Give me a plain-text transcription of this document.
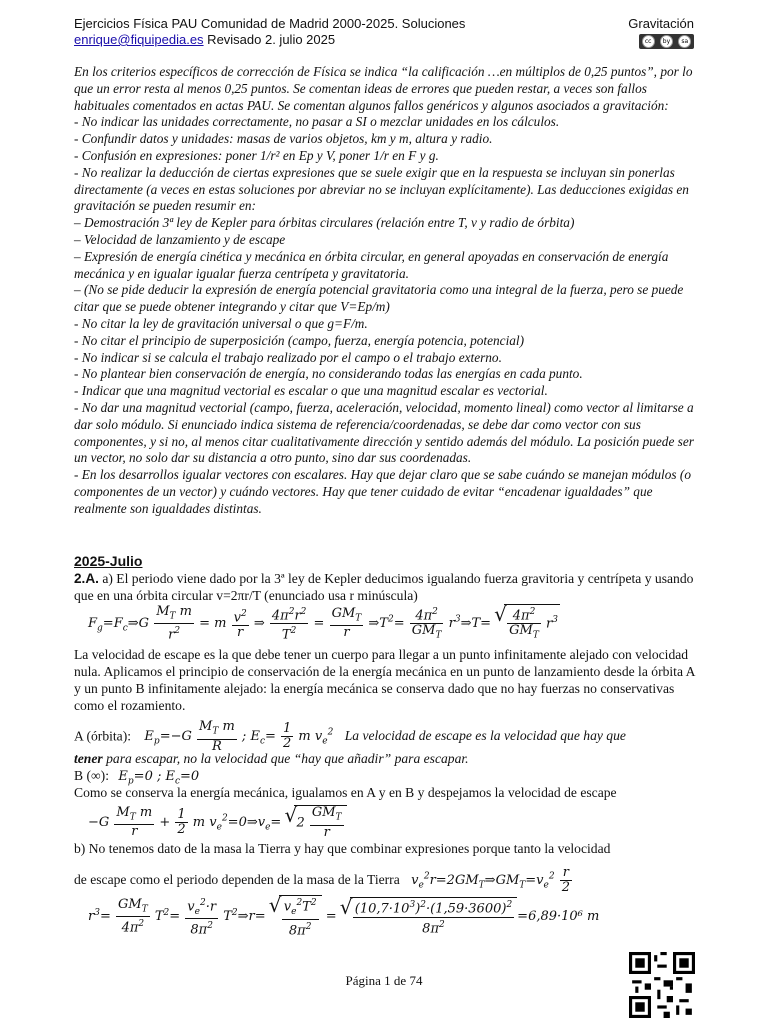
Ejercicios Física PAU Comunidad de Madrid 2000-2025. Soluciones	Gravitación
enrique@fiquipedia.es Revisado 2. julio 2025	cc	by	sa

En los criterios específicos de corrección de Física se indica “la calificación …en múltiplos de 0,25 puntos”, por lo que un error resta al menos 0,25 puntos. Se comentan ideas de errores que pueden restar, a veces son fallos habituales comentados en actas PAU. Se comentan algunos fallos genéricos y algunos asociados a gravitación:

- No indicar las unidades correctamente, no pasar a SI o mezclar unidades en los cálculos.

- Confundir datos y unidades: masas de varios objetos, km y m, altura y radio.

- Confusión en expresiones: poner 1/r² en Ep y V, poner 1/r en F y g.

- No realizar la deducción de ciertas expresiones que se suele exigir que en la respuesta se incluyan sin ponerlas directamente (a veces en estas soluciones por abreviar no se incluyan explícitamente). Las deducciones exigidas en gravitación se pueden resumir en:

– Demostración 3ª ley de Kepler para órbitas circulares (relación entre T, v y radio de órbita)

– Velocidad de lanzamiento y de escape

– Expresión de energía cinética y mecánica en órbita circular, en general apoyadas en conservación de energía mecánica y en igualar igualar fuerza centrípeta y gravitatoria.

– (No se pide deducir la expresión de energía potencial gravitatoria como una integral de la fuerza, pero se puede citar que se puede obtener integrando y citar que V=Ep/m)

- No citar la ley de gravitación universal o que g=F/m.

- No citar el principio de superposición (campo, fuerza, energía potencia, potencial)

- No indicar si se calcula el trabajo realizado por el campo o el trabajo externo.

- No plantear bien conservación de energía, no considerando todas las energías en cada punto.

- Indicar que una magnitud vectorial es escalar o que una magnitud escalar es vectorial.

- No dar una magnitud vectorial (campo, fuerza, aceleración, velocidad, momento lineal) como vector al limitarse a dar solo módulo. Si enunciado indica sistema de referencia/coordenadas, se debe dar como vector con sus componentes, y si no, al menos citar cualitativamente dirección y sentido además del módulo. La posición puede ser un vector, no solo dar su distancia a otro punto, sino dar sus coordenadas.

- En los desarrollos igualar vectores con escalares. Hay que dejar claro que se sabe cuándo se manejan módulos (o componentes de un vector) y cuándo vectores. Hay que tener cuidado de evitar “encadenar igualdades” que realmente son igualdades distintas.

2025-Julio
2.A. a) El periodo viene dado por la 3ª ley de Kepler deducimos igualando fuerza gravitoria y centrípeta y usando que en una órbita circular v=2πr/T (enunciado usa r minúscula)
$F_g=F_c\Rightarrow G \frac{M_T m}{r^2} = m \frac{v^2}{r}$ ⇒ $\frac{4\pi^2r^2}{T^2} = \frac{GM_T}{r}$ $\Rightarrow T^2= \frac{4\pi^2}{GM_T}$ $r^3\Rightarrow T=$ √ $\frac{4\pi^2}{GM_T} r^3$
La velocidad de escape es la que debe tener un cuerpo para llegar a un punto infinitamente alejado con velocidad nula. Aplicamos el principio de conservación de la energía mecánica en un punto de lanzamiento desde la órbita A y un punto B infinitamente alejado: la energía mecánica se conserva dado que no hay fuerzas no conservativas como el rozamiento.
A (órbita): $E_p=-G \frac{M_T m}{R}$ ; $E_c= \frac{1}{2}$ m $v_e^2$ La velocidad de escape es la velocidad que hay que
tener para escapar, no la velocidad que “hay que añadir” para escapar.
B (∞): $E_p=0$ ; $E_c=0$
Como se conserva la energía mecánica, igualamos en A y en B y despejamos la velocidad de escape
$-G \frac{M_T m}{r} + \frac{1}{2}$ m $v_e^2=0\Rightarrow v_e=$ √ $2 \frac{GM_T}{r}$
b) No tenemos dato de la masa la Tierra y hay que combinar expresiones porque tanto la velocidad
de escape como el periodo dependen de la masa de la Tierra $v_e^2r=2GM_T\Rightarrow GM_T=v_e^2 \frac{r}{2}$
$r^3= \frac{GM_T}{4\pi^2} T^2= \frac{v_e^2\cdot r}{8\pi^2}$ $T^2\Rightarrow r=$ √ $\frac{v_e^2T^2}{8\pi^2}$ = √ $\frac{(10,7\cdot 10^3)^2\cdot(1,59\cdot 3600)^2}{8\pi^2} =6,89\cdot 10^6$ m
Página 1 de 74
